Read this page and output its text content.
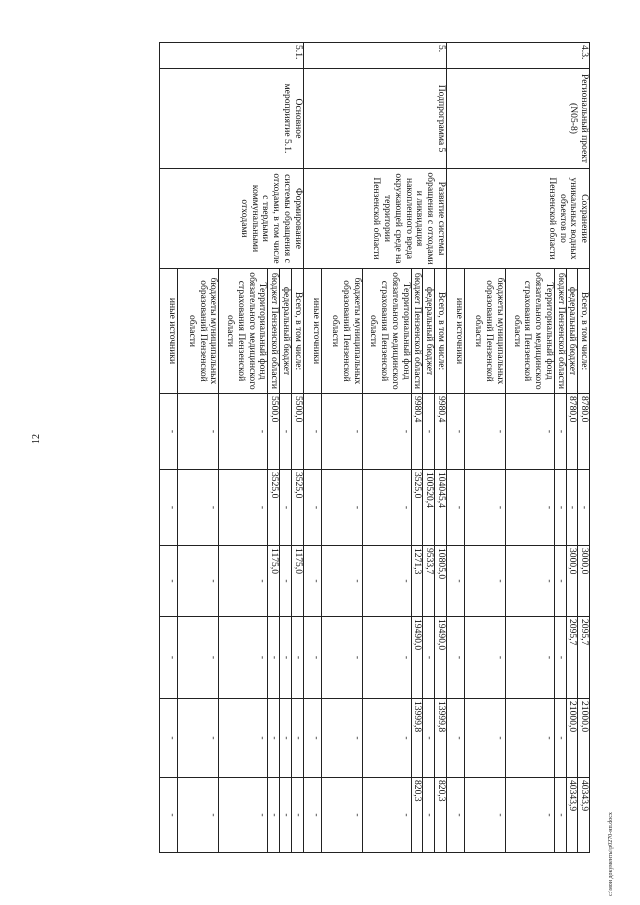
12
4.3.	Региональный проект (N05-8)	Сохранение уникальных водных объектов по Пензенской области	Всего, в том числе:	8780,0	-	3000,0	2095,7	21000,0	40343,9
			федеральный бюджет	8780,0	-	3000,0	2095,7	21000,0	40343,9
			бюджет Пензенской области	-	-	-	-	-	-
			Территориальный фонд обязательного медицинского страхования Пензенской области	-	-	-	-	-	-
			бюджеты муниципальных образований Пензенской области	-	-	-	-	-	-
			иные источники	-	-	-	-	-	-
5.	Подпрограмма 5	Развитие системы обращения с отходами и ликвидация накопленного вреда окружающей среде на территории Пензенской области	Всего, в том числе:	9980,4	104045,4	10805,0	19490,0	13999,8	820,3
			федеральный бюджет	-	100520,4	9533,7	-	-	-
			бюджет Пензенской области	9980,4	3525,0	1271,3	19490,0	13999,8	820,3
			Территориальный фонд обязательного медицинского страхования Пензенской области	-	-	-	-	-	-
			бюджеты муниципальных образований Пензенской области	-	-	-	-	-	-
			иные источники	-	-	-	-	-	-
5.1.	Основное мероприятие 5.1.	Формирование системы обращения с отходами, в том числе с твердыми коммунальными отходами	Всего, в том числе:	5500,0	3525,0	1175,0	-	-	-
			федеральный бюджет	-	-	-	-	-	-
			бюджет Пензенской области	5500,0	3525,0	1175,0	-	-	-
			Территориальный фонд обязательного медицинского страхования Пензенской области	-	-	-	-	-	-
			бюджеты муниципальных образований Пензенской области	-	-	-	-	-	-
			иные источники	-	-	-	-	-	-	c:\мои документы\p0270-нп.docx
